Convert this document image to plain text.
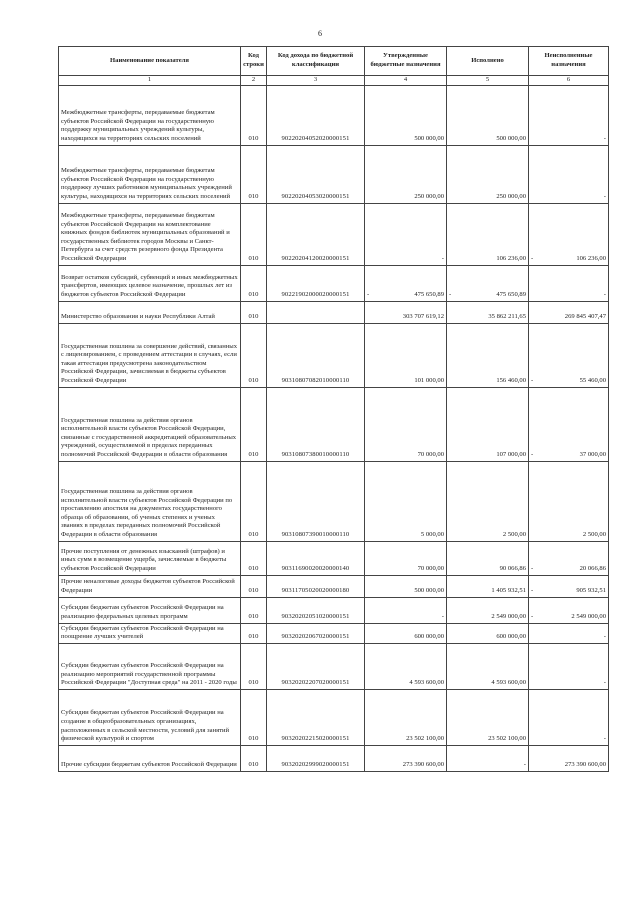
6
Наименование показателя	Код строки	Код дохода по бюджетной классификации	Утвержденные бюджетные назначения	Исполнено	Неисполненные назначения
1	2	3	4	5	6
Межбюджетные трансферты, передаваемые бюджетам субъектов Российской Федерации на государственную поддержку муниципальных учреждений культуры, находящихся на территориях сельских поселений	010	90220204052020000151	500 000,00	500 000,00	-

Межбюджетные трансферты, передаваемые бюджетам субъектов Российской Федерации на государственную поддержку лучших работников муниципальных учреждений культуры, находящихся на территориях сельских поселений	010	90220204053020000151	250 000,00	250 000,00	-

Межбюджетные трансферты, передаваемые бюджетам субъектов Российской Федерации на комплектование книжных фондов библиотек муниципальных образований и государственных библиотек городов Москвы и Санкт-Петербурга за счет средств резервного фонда Президента Российской Федерации	010	90220204120020000151	-	106 236,00	- 106 236,00

Возврат остатков субсидий, субвенций и иных межбюджетных трансфертов, имеющих целевое назначение, прошлых лет из бюджетов субъектов Российской Федерации	010	90221902000020000151	- 475 650,89	- 475 650,89	-

Министерство образования и науки Республики Алтай	010		303 707 619,12	35 862 211,65	269 845 407,47

Государственная пошлина за совершение действий, связанных с лицензированием, с проведением аттестации в случаях, если такая аттестация предусмотрена законодательством Российской Федерации, зачисляемая в бюджеты субъектов Российской Федерации	010	90310807082010000110	101 000,00	156 460,00	- 55 460,00

Государственная пошлина за действия органов исполнительной власти субъектов Российской Федерации, связанные с государственной аккредитацией образовательных учреждений, осуществляемой в пределах переданных полномочий Российской Федерации в области образования	010	90310807380010000110	70 000,00	107 000,00	- 37 000,00

Государственная пошлина за действия органов исполнительной власти субъектов Российской Федерации по проставлению апостиля на документах государственного образца об образовании, об ученых степенях и ученых званиях в пределах переданных полномочий Российской Федерации в области образования	010	90310807390010000110	5 000,00	2 500,00	2 500,00

Прочие поступления от денежных взысканий (штрафов) и иных сумм в возмещение ущерба, зачисляемые в бюджеты субъектов Российской Федерации	010	90311690020020000140	70 000,00	90 066,86	- 20 066,86

Прочие неналоговые доходы бюджетов субъектов Российской Федерации	010	90311705020020000180	500 000,00	1 405 932,51	- 905 932,51

Субсидии бюджетам субъектов Российской Федерации на реализацию федеральных целевых программ	010	90320202051020000151	-	2 549 000,00	- 2 549 000,00

Субсидии бюджетам субъектов Российской Федерации на поощрение лучших учителей	010	90320202067020000151	600 000,00	600 000,00	-

Субсидии бюджетам субъектов Российской Федерации на реализацию мероприятий государственной программы Российской Федерации "Доступная среда" на 2011 - 2020 годы	010	90320202207020000151	4 593 600,00	4 593 600,00	-

Субсидии бюджетам субъектов Российской Федерации на создание в общеобразовательных организациях, расположенных в сельской местности, условий для занятий физической культурой и спортом	010	90320202215020000151	23 502 100,00	23 502 100,00	-

Прочие субсидии бюджетам субъектов Российской Федерации	010	90320202999020000151	273 390 600,00	-	273 390 600,00
